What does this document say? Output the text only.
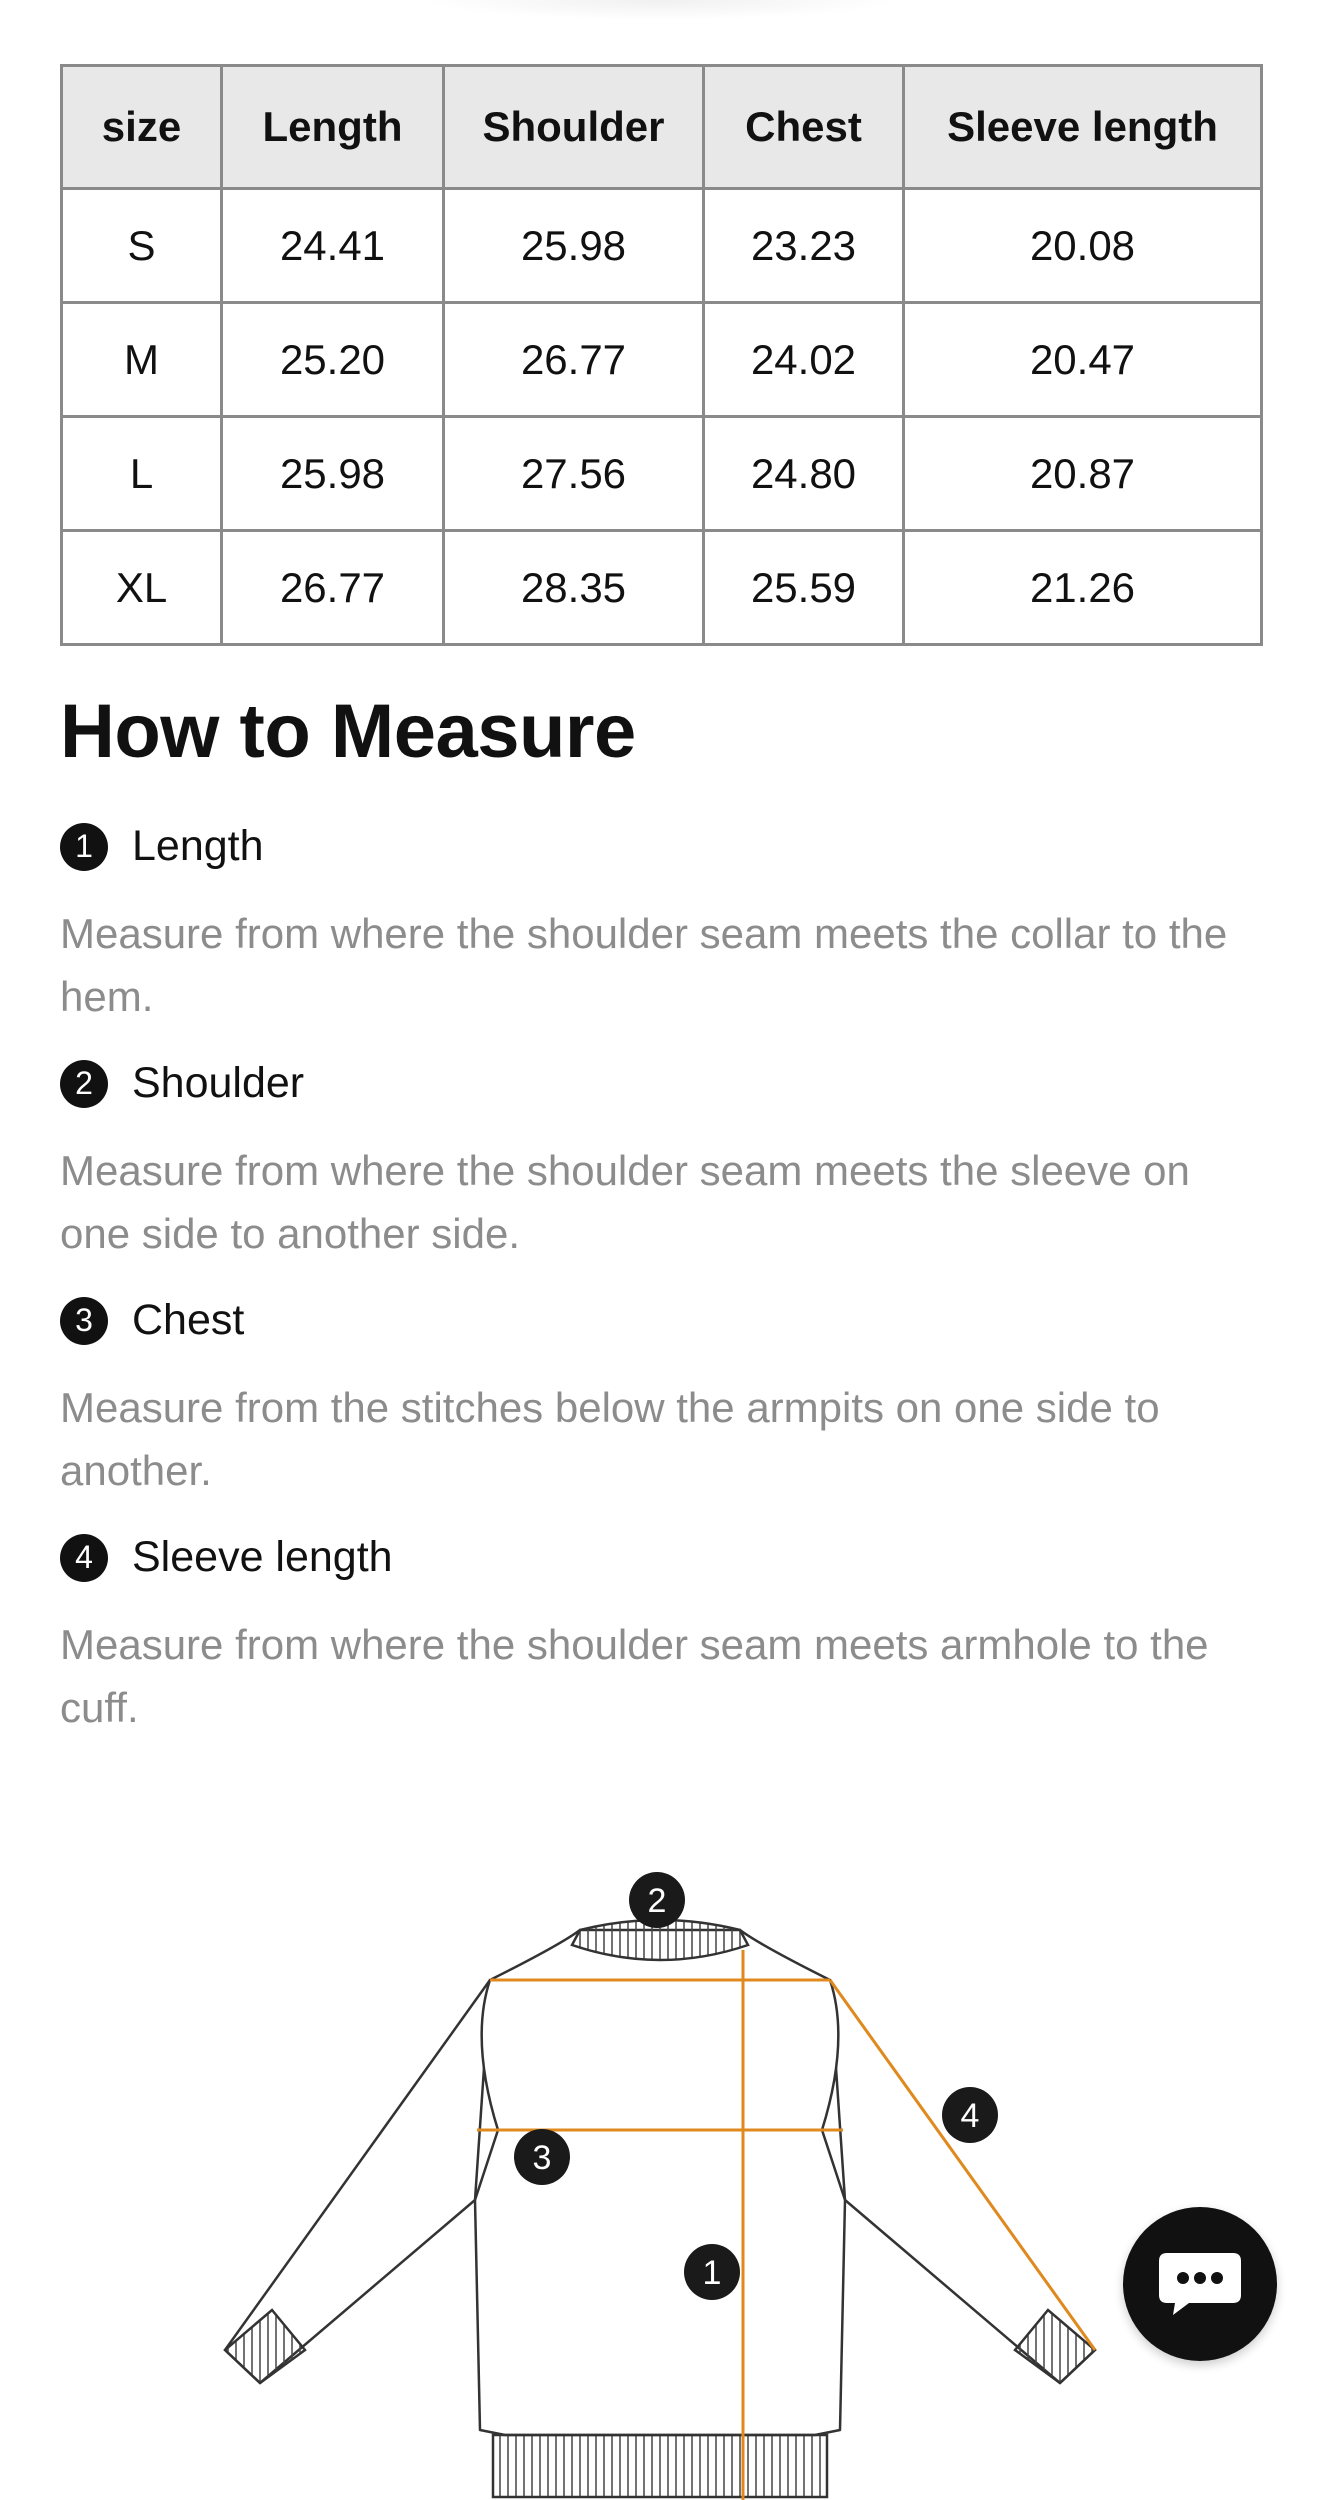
size	Length	Shoulder	Chest	Sleeve length
S	24.41	25.98	23.23	20.08
M	25.20	26.77	24.02	20.47
L	25.98	27.56	24.80	20.87
XL	26.77	28.35	25.59	21.26
How to Measure
1 Length

Measure from where the shoulder seam meets the collar to the hem.

2 Shoulder

Measure from where the shoulder seam meets the sleeve on one side to another side.

3 Chest

Measure from the stitches below the armpits on one side to another.

4 Sleeve length

Measure from where the shoulder seam meets armhole to the cuff.

2
3
1
4
